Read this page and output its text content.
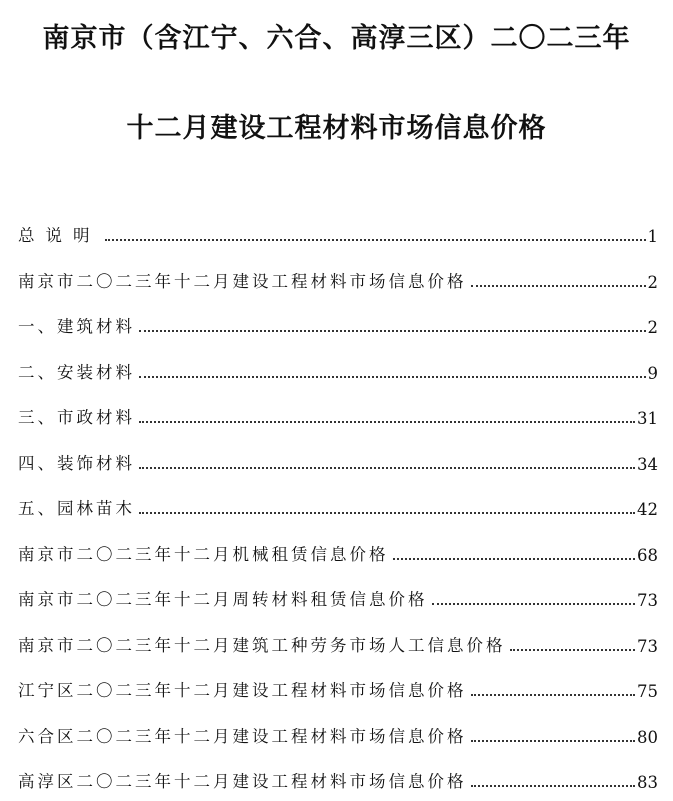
南京市（含江宁、六合、高淳三区）二〇二三年
十二月建设工程材料市场信息价格
总说明	1
南京市二〇二三年十二月建设工程材料市场信息价格	2
一、建筑材料	2
二、安装材料	9
三、市政材料	31
四、装饰材料	34
五、园林苗木	42
南京市二〇二三年十二月机械租赁信息价格	68
南京市二〇二三年十二月周转材料租赁信息价格	73
南京市二〇二三年十二月建筑工种劳务市场人工信息价格	73
江宁区二〇二三年十二月建设工程材料市场信息价格	75
六合区二〇二三年十二月建设工程材料市场信息价格	80
高淳区二〇二三年十二月建设工程材料市场信息价格	83
